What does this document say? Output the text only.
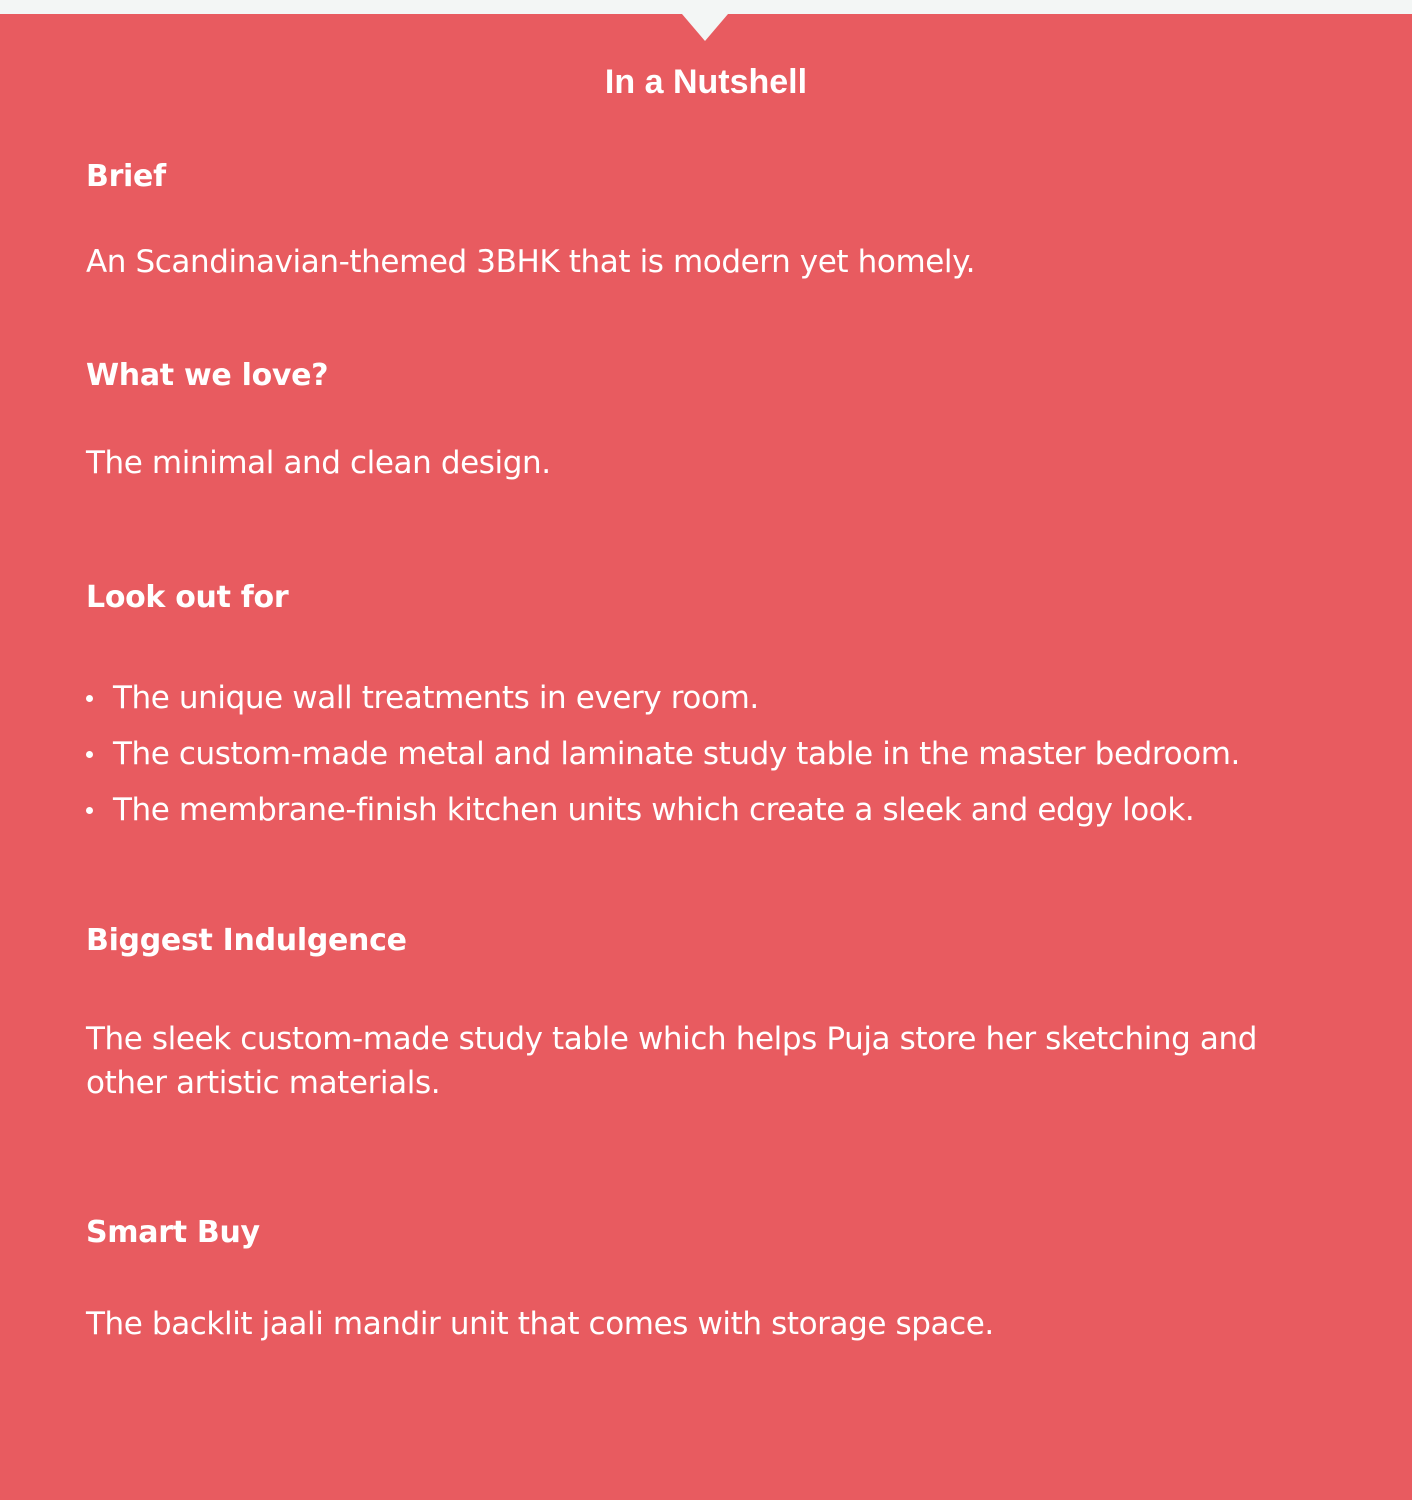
In a Nutshell
Brief
An Scandinavian-themed 3BHK that is modern yet homely.
What we love?
The minimal and clean design.
Look out for
The unique wall treatments in every room.
The custom-made metal and laminate study table in the master bedroom.
The membrane-finish kitchen units which create a sleek and edgy look.
Biggest Indulgence
The sleek custom-made study table which helps Puja store her sketching and other artistic materials.
Smart Buy
The backlit jaali mandir unit that comes with storage space.
